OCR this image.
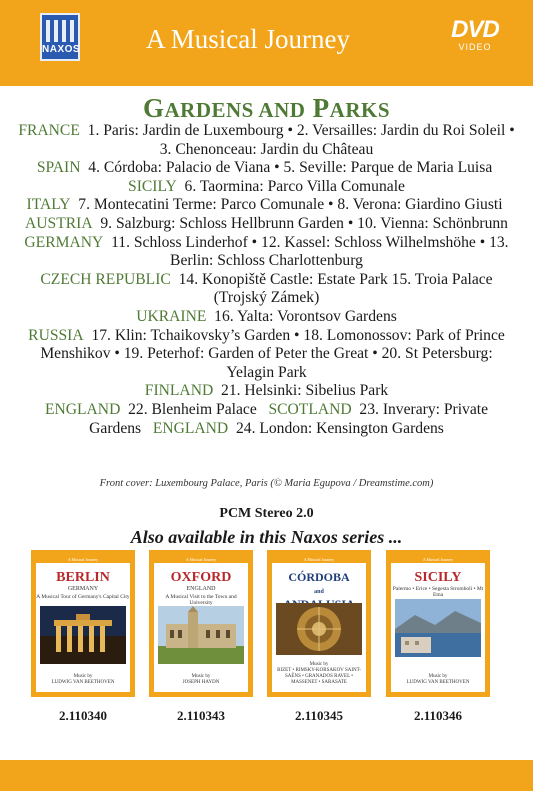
NAXOS A Musical Journey	DVD
VIDEO
GARDENS AND PARKS
FRANCE 1. Paris: Jardin de Luxembourg • 2. Versailles: Jardin du Roi Soleil • 3. Chenonceau: Jardin du Château
SPAIN 4. Córdoba: Palacio de Viana • 5. Seville: Parque de Maria Luisa  SICILY 6. Taormina: Parco Villa Comunale
ITALY 7. Montecatini Terme: Parco Comunale • 8. Verona: Giardino Giusti  AUSTRIA 9. Salzburg: Schloss Hellbrunn Garden • 10. Vienna: Schönbrunn
GERMANY 11. Schloss Linderhof • 12. Kassel: Schloss Wilhelmshöhe • 13. Berlin: Schloss Charlottenburg
CZECH REPUBLIC 14. Konopiště Castle: Estate Park 15. Troia Palace (Trojský Zámek)
UKRAINE 16. Yalta: Vorontsov Gardens
RUSSIA 17. Klin: Tchaikovsky’s Garden • 18. Lomonossov: Park of Prince Menshikov • 19. Peterhof: Garden of Peter the Great • 20. St Petersburg: Yelagin Park
FINLAND 21. Helsinki: Sibelius Park
ENGLAND 22. Blenheim Palace SCOTLAND 23. Inverary: Private Gardens ENGLAND 24. London: Kensington Gardens
Front cover: Luxembourg Palace, Paris (© Maria Egupova / Dreamstime.com)
PCM Stereo 2.0
Also available in this Naxos series ...
A Musical Journey
BERLIN
GERMANY
A Musical Tour of Germany's Capital City
Music by
LUDWIG VAN BEETHOVEN
2.110340
A Musical Journey
OXFORD
ENGLAND
A Musical Visit to the Town and University
Music by
JOSEPH HAYDN
2.110343
A Musical Journey
CÓRDOBA
and

Music by
BIZET • RIMSKY-KORSAKOV SAINT-SAËNS • GRANADOS RAVEL • MASSENET • SARASATE
2.110345
A Musical Journey
SICILY
Palermo • Erice • Segesta Stromboli • Mt Etna
Music by
LUDWIG VAN BEETHOVEN
2.110346
